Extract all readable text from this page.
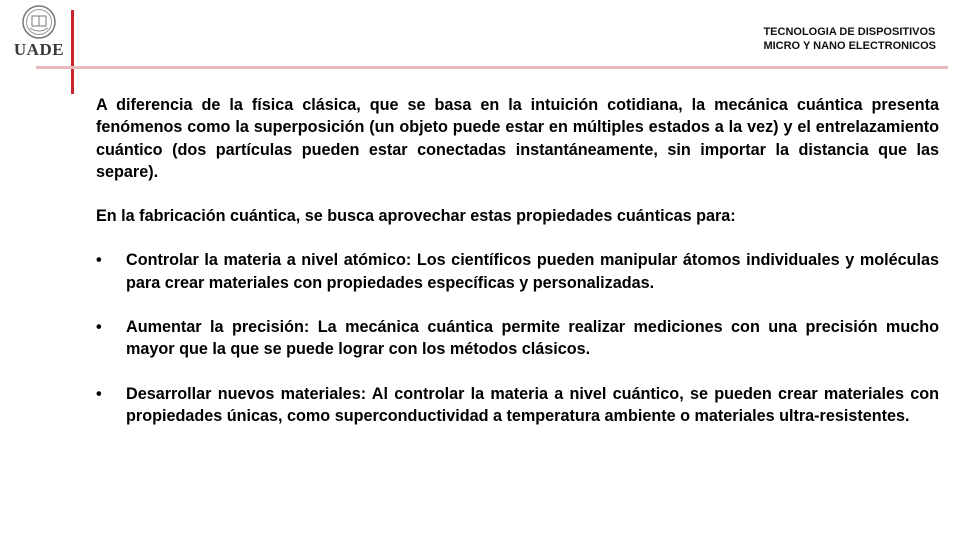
UADE
TECNOLOGIA DE DISPOSITIVOS
MICRO Y NANO ELECTRONICOS

A diferencia de la física clásica, que se basa en la intuición cotidiana, la mecánica cuántica presenta fenómenos como la superposición (un objeto puede estar en múltiples estados a la vez) y el entrelazamiento cuántico (dos partículas pueden estar conectadas instantáneamente, sin importar la distancia que las separe).

En la fabricación cuántica, se busca aprovechar estas propiedades cuánticas para:

• Controlar la materia a nivel atómico: Los científicos pueden manipular átomos individuales y moléculas para crear materiales con propiedades específicas y personalizadas.

• Aumentar la precisión: La mecánica cuántica permite realizar mediciones con una precisión mucho mayor que la que se puede lograr con los métodos clásicos.

• Desarrollar nuevos materiales: Al controlar la materia a nivel cuántico, se pueden crear materiales con propiedades únicas, como superconductividad a temperatura ambiente o materiales ultra-resistentes.
